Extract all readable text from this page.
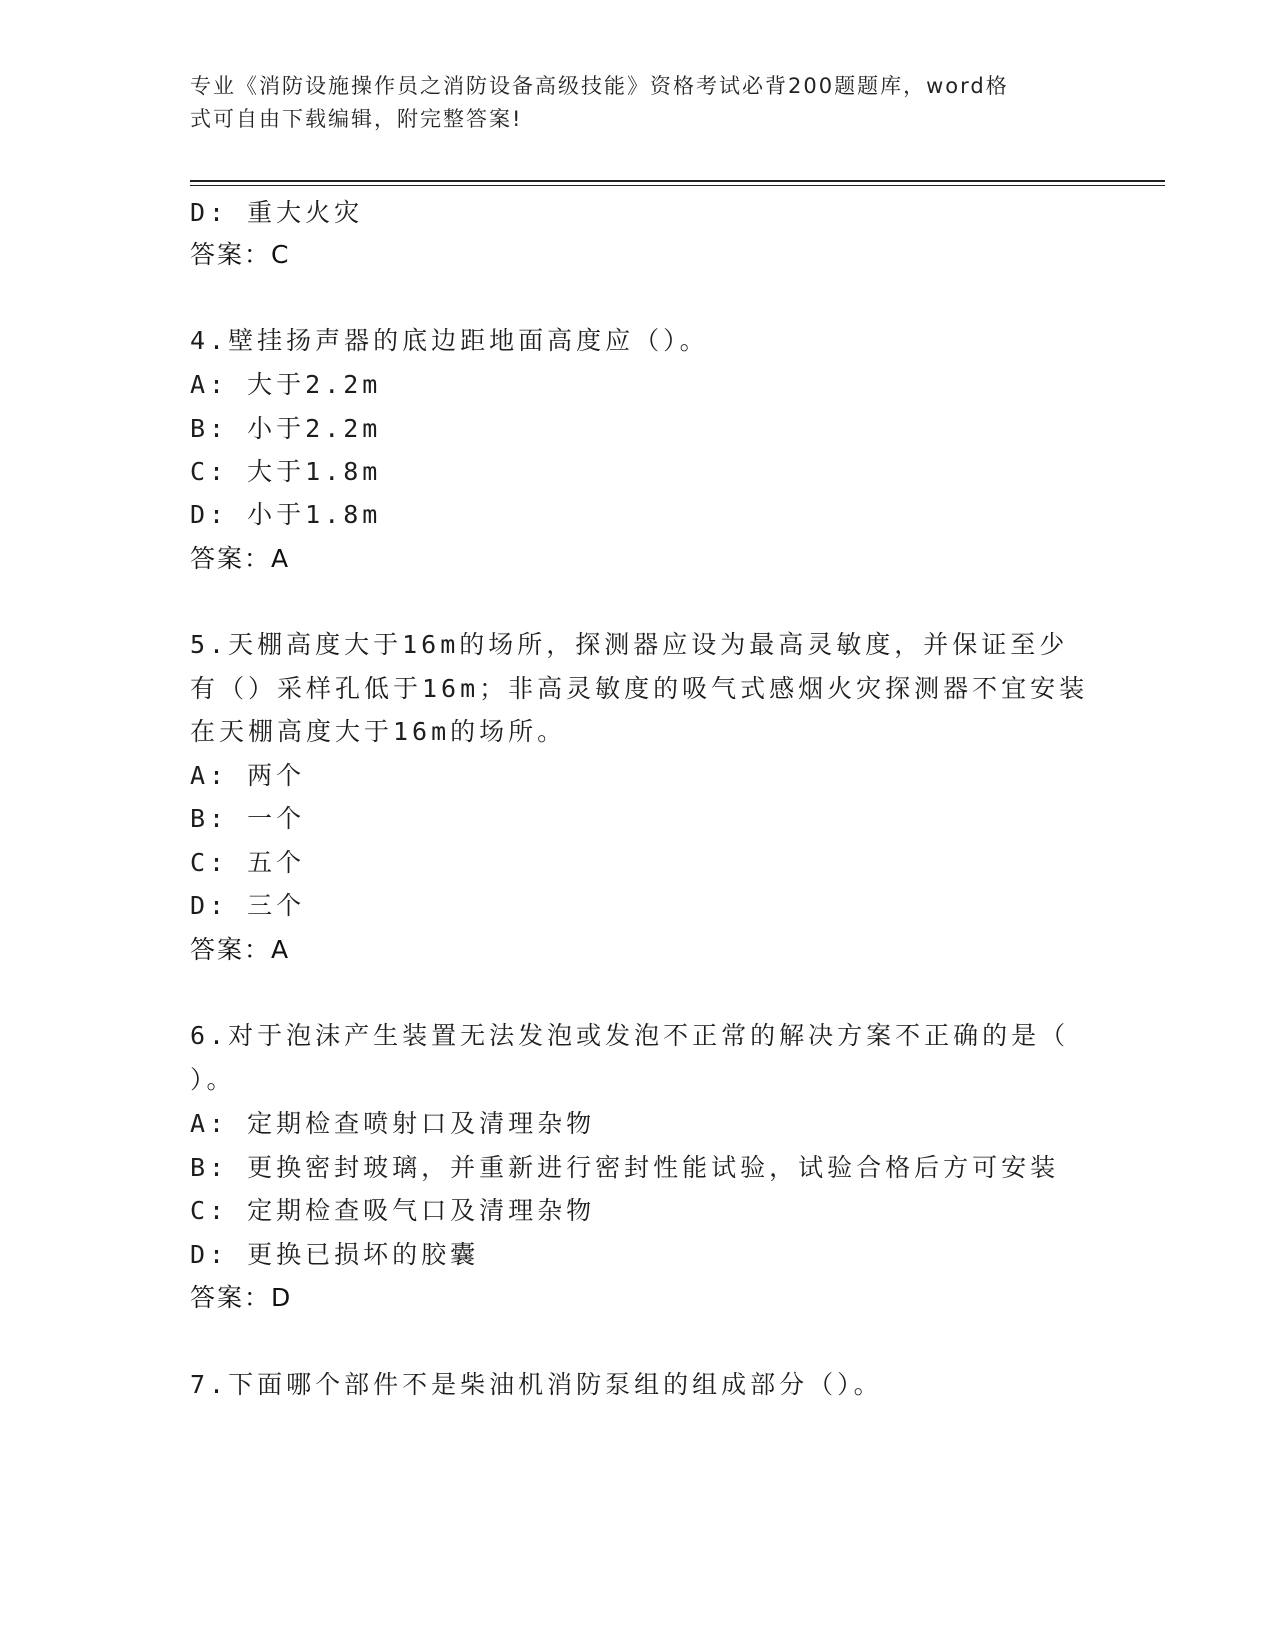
专业《消防设施操作员之消防设备高级技能》资格考试必背200题题库，word格
式可自由下载编辑，附完整答案!
D: 重大火灾
答案：C
4.壁挂扬声器的底边距地面高度应（）。
A: 大于2.2m
B: 小于2.2m
C: 大于1.8m
D: 小于1.8m
答案：A
5.天棚高度大于16m的场所，探测器应设为最高灵敏度，并保证至少
有（）采样孔低于16m；非高灵敏度的吸气式感烟火灾探测器不宜安装
在天棚高度大于16m的场所。
A: 两个
B: 一个
C: 五个
D: 三个
答案：A
6.对于泡沫产生装置无法发泡或发泡不正常的解决方案不正确的是（
）。
A: 定期检查喷射口及清理杂物
B: 更换密封玻璃，并重新进行密封性能试验，试验合格后方可安装
C: 定期检查吸气口及清理杂物
D: 更换已损坏的胶囊
答案：D
7.下面哪个部件不是柴油机消防泵组的组成部分（）。
